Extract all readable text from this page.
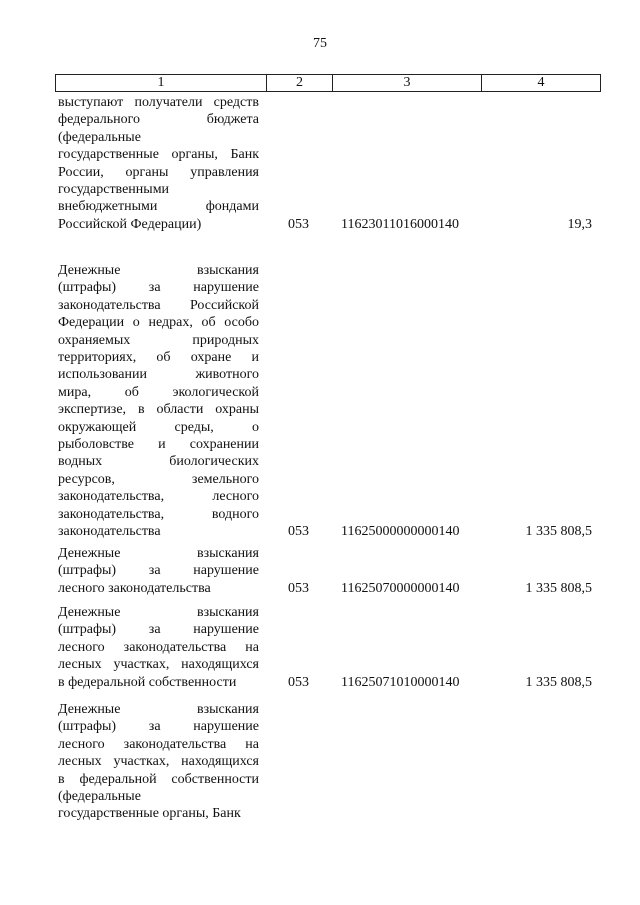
75
1	2	3	4
выступают получатели средств
федерального бюджета
(федеральные
государственные органы, Банк
России, органы управления
государственными
внебюджетными фондами
Российской Федерации)	053 11623011016000140	19,3
Денежные взыскания
(штрафы) за нарушение
законодательства Российской
Федерации о недрах, об особо
охраняемых природных
территориях, об охране и
использовании животного
мира, об экологической
экспертизе, в области охраны
окружающей среды, о
рыболовстве и сохранении
водных биологических
ресурсов, земельного
законодательства, лесного
законодательства, водного
законодательства	053 11625000000000140	1 335 808,5
Денежные взыскания
(штрафы) за нарушение
лесного законодательства	053 11625070000000140	1 335 808,5
Денежные взыскания
(штрафы) за нарушение
лесного законодательства на
лесных участках, находящихся
в федеральной собственности	053 11625071010000140	1 335 808,5
Денежные взыскания
(штрафы) за нарушение
лесного законодательства на
лесных участках, находящихся
в федеральной собственности
(федеральные
государственные органы, Банк
